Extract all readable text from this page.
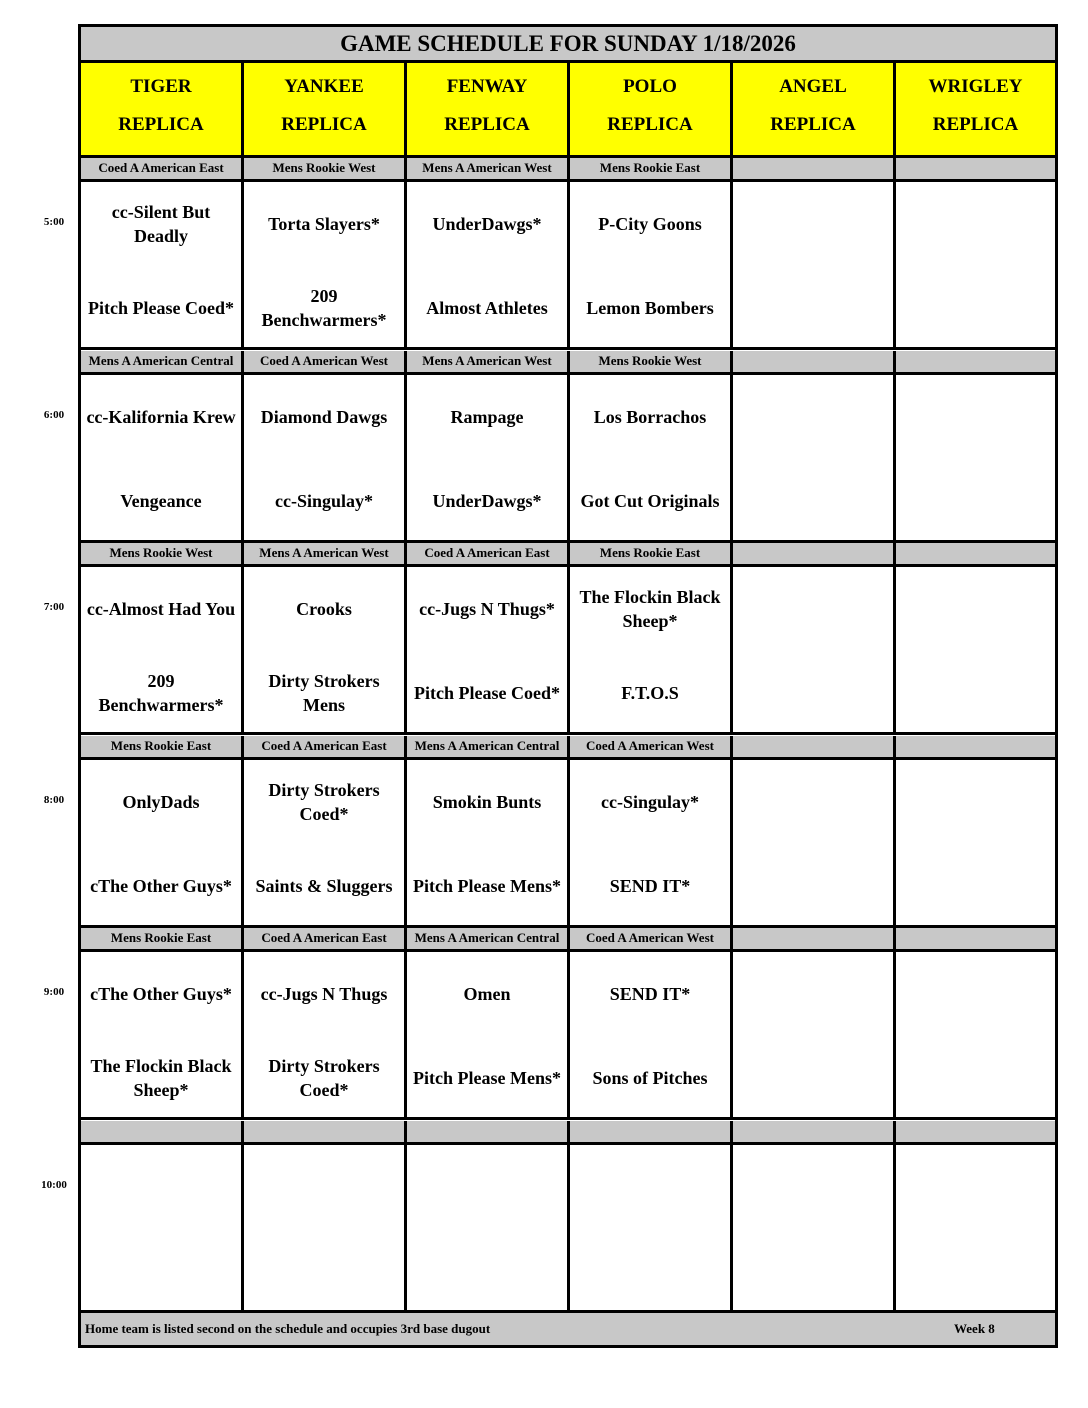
GAME SCHEDULE FOR SUNDAY 1/18/2026
Home team is listed second on the schedule and occupies 3rd base dugout	Week 8
TIGER
REPLICA
YANKEE
REPLICA
FENWAY
REPLICA
POLO
REPLICA
ANGEL
REPLICA
WRIGLEY
REPLICA
Coed A American East
cc-Silent But Deadly
Pitch Please Coed*
Mens Rookie West
Torta Slayers*
209 Benchwarmers*
Mens A American West
UnderDawgs*
Almost Athletes
Mens Rookie East
P-City Goons
Lemon Bombers
Mens A American Central
cc-Kalifornia Krew
Vengeance
Coed A American West
Diamond Dawgs
cc-Singulay*
Mens A American West
Rampage
UnderDawgs*
Mens Rookie West
Los Borrachos
Got Cut Originals
Mens Rookie West
cc-Almost Had You
209 Benchwarmers*
Mens A American West
Crooks
Dirty Strokers Mens
Coed A American East
cc-Jugs N Thugs*
Pitch Please Coed*
Mens Rookie East
The Flockin Black Sheep*
F.T.O.S
Mens Rookie East
OnlyDads
cThe Other Guys*
Coed A American East
Dirty Strokers Coed*
Saints & Sluggers
Mens A American Central
Smokin Bunts
Pitch Please Mens*
Coed A American West
cc-Singulay*
SEND IT*
Mens Rookie East
cThe Other Guys*
The Flockin Black Sheep*
Coed A American East
cc-Jugs N Thugs
Dirty Strokers Coed*
Mens A American Central
Omen
Pitch Please Mens*
Coed A American West
SEND IT*
Sons of Pitches
5:00
6:00
7:00
8:00
9:00
10:00
